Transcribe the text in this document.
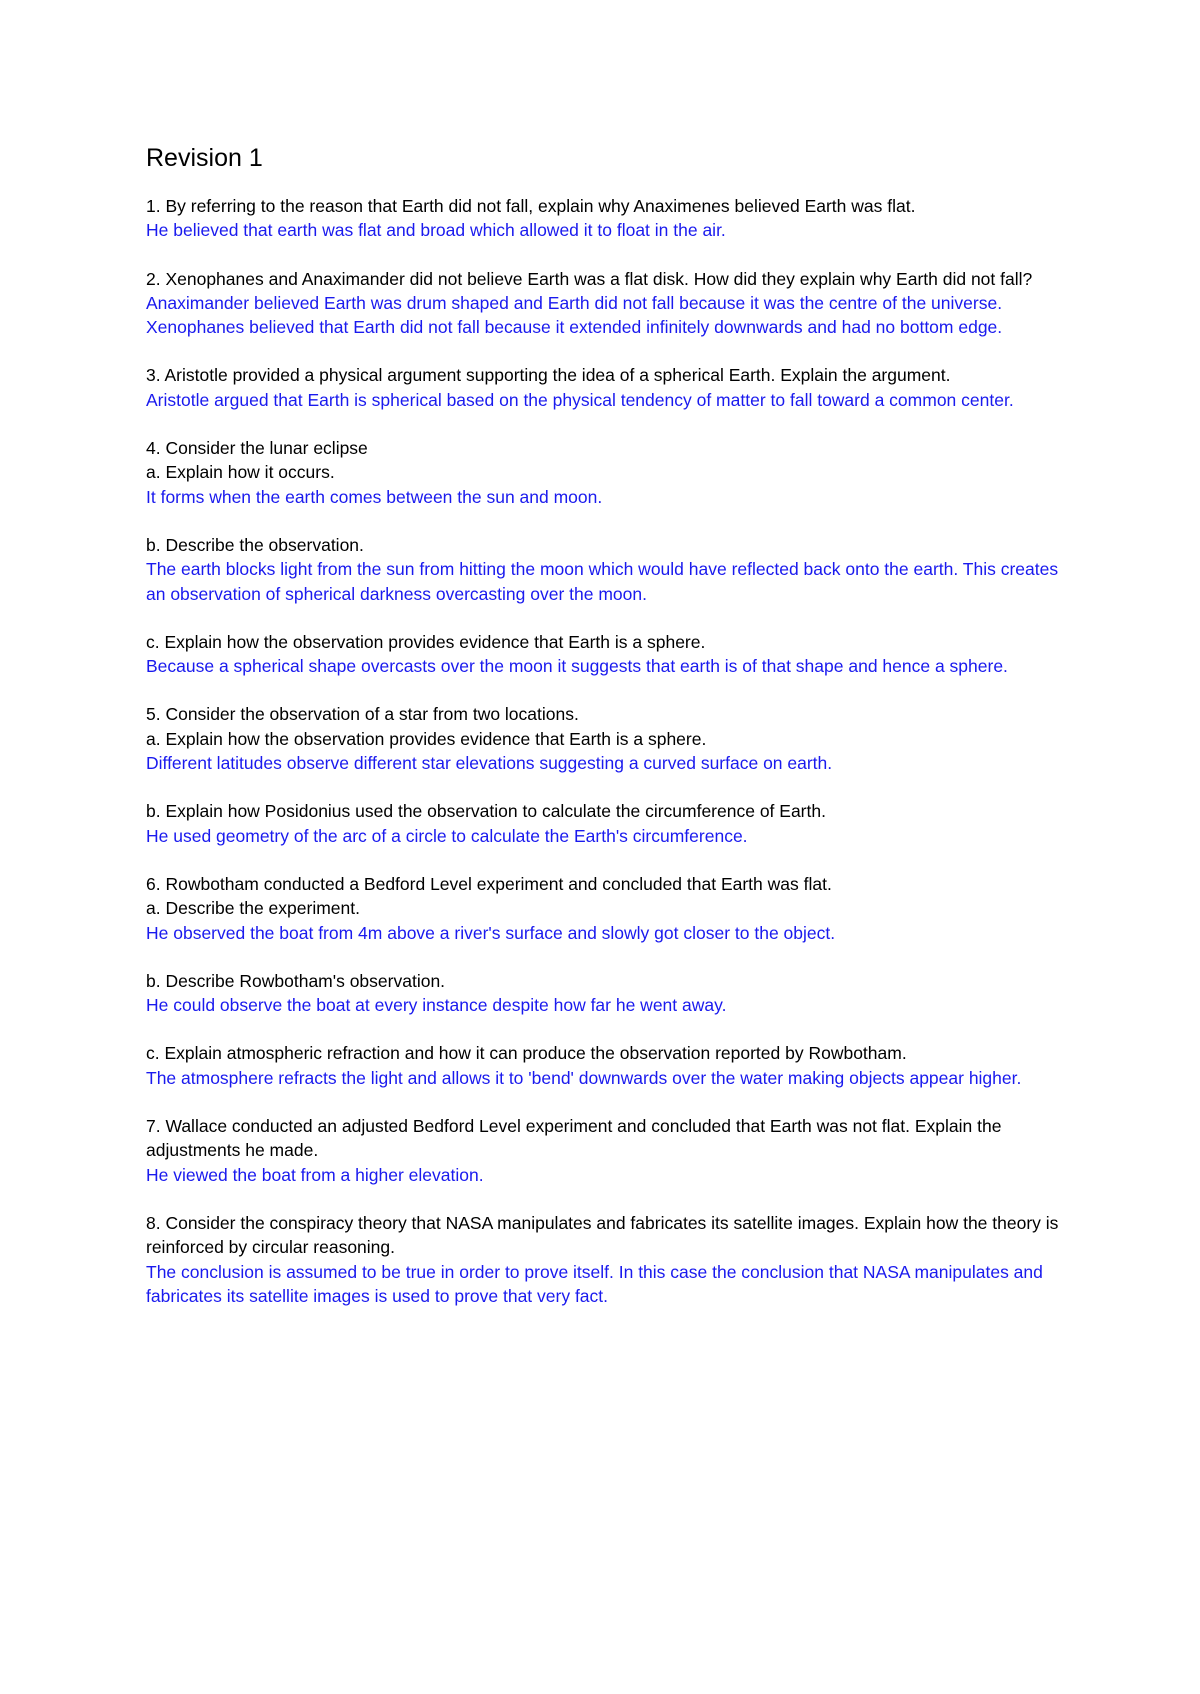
Revision 1

1. By referring to the reason that Earth did not fall, explain why Anaximenes believed Earth was flat.

He believed that earth was flat and broad which allowed it to float in the air.

2. Xenophanes and Anaximander did not believe Earth was a flat disk. How did they explain why Earth did not fall?

Anaximander believed Earth was drum shaped and Earth did not fall because it was the centre of the universe.

Xenophanes believed that Earth did not fall because it extended infinitely downwards and had no bottom edge.

3. Aristotle provided a physical argument supporting the idea of a spherical Earth. Explain the argument.

Aristotle argued that Earth is spherical based on the physical tendency of matter to fall toward a common center.

4. Consider the lunar eclipse

a. Explain how it occurs.

It forms when the earth comes between the sun and moon.

b. Describe the observation.

The earth blocks light from the sun from hitting the moon which would have reflected back onto the earth. This creates an observation of spherical darkness overcasting over the moon.

c. Explain how the observation provides evidence that Earth is a sphere.

Because a spherical shape overcasts over the moon it suggests that earth is of that shape and hence a sphere.

5. Consider the observation of a star from two locations.

a. Explain how the observation provides evidence that Earth is a sphere.

Different latitudes observe different star elevations suggesting a curved surface on earth.

b. Explain how Posidonius used the observation to calculate the circumference of Earth.

He used geometry of the arc of a circle to calculate the Earth's circumference.

6. Rowbotham conducted a Bedford Level experiment and concluded that Earth was flat.

a. Describe the experiment.

He observed the boat from 4m above a river's surface and slowly got closer to the object.

b. Describe Rowbotham's observation.

He could observe the boat at every instance despite how far he went away.

c. Explain atmospheric refraction and how it can produce the observation reported by Rowbotham.

The atmosphere refracts the light and allows it to 'bend' downwards over the water making objects appear higher.

7. Wallace conducted an adjusted Bedford Level experiment and concluded that Earth was not flat. Explain the adjustments he made.

He viewed the boat from a higher elevation.

8. Consider the conspiracy theory that NASA manipulates and fabricates its satellite images. Explain how the theory is reinforced by circular reasoning.

The conclusion is assumed to be true in order to prove itself. In this case the conclusion that NASA manipulates and fabricates its satellite images is used to prove that very fact.
